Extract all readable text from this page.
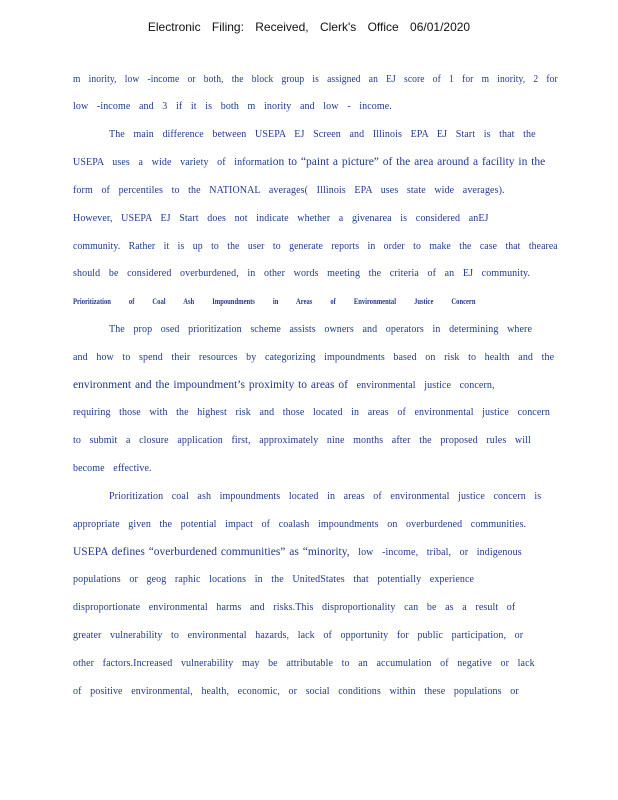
Electronic Filing: Received, Clerk's Office 06/01/2020
m inority, low -income or both, the block group is assigned an EJ score of 1 for m inority, 2 for
low -income and 3 if it is both m inority and low - income.
The main difference between USEPA EJ Screen and Illinois EPA EJ Start is that the
USEPA uses a wide variety of information to “paint a picture” of the area around a facility in the
form of percentiles to the NATIONAL averages( Illinois EPA uses state wide averages).
However, USEPA EJ Start does not indicate whether a givenarea is considered anEJ
community. Rather it is up to the user to generate reports in order to make the case that thearea
should be considered overburdened, in other words meeting the criteria of an EJ community.
Prioritization of Coal Ash Impoundments in Areas of Environmental Justice Concern
The prop osed prioritization scheme assists owners and operators in determining where
and how to spend their resources by categorizing impoundments based on risk to health and the
environment and the impoundment’s proximity to areas of environmental justice concern,
requiring those with the highest risk and those located in areas of environmental justice concern
to submit a closure application first, approximately nine months after the proposed rules will
become effective.
Prioritization coal ash impoundments located in areas of environmental justice concern is
appropriate given the potential impact of coalash impoundments on overburdened communities.
USEPA defines “overburdened communities” as “minority, low -income, tribal, or indigenous
populations or geog raphic locations in the UnitedStates that potentially experience
disproportionate environmental harms and risks.This disproportionality can be as a result of
greater vulnerability to environmental hazards, lack of opportunity for public participation, or
other factors.Increased vulnerability may be attributable to an accumulation of negative or lack
of positive environmental, health, economic, or social conditions within these populations or
